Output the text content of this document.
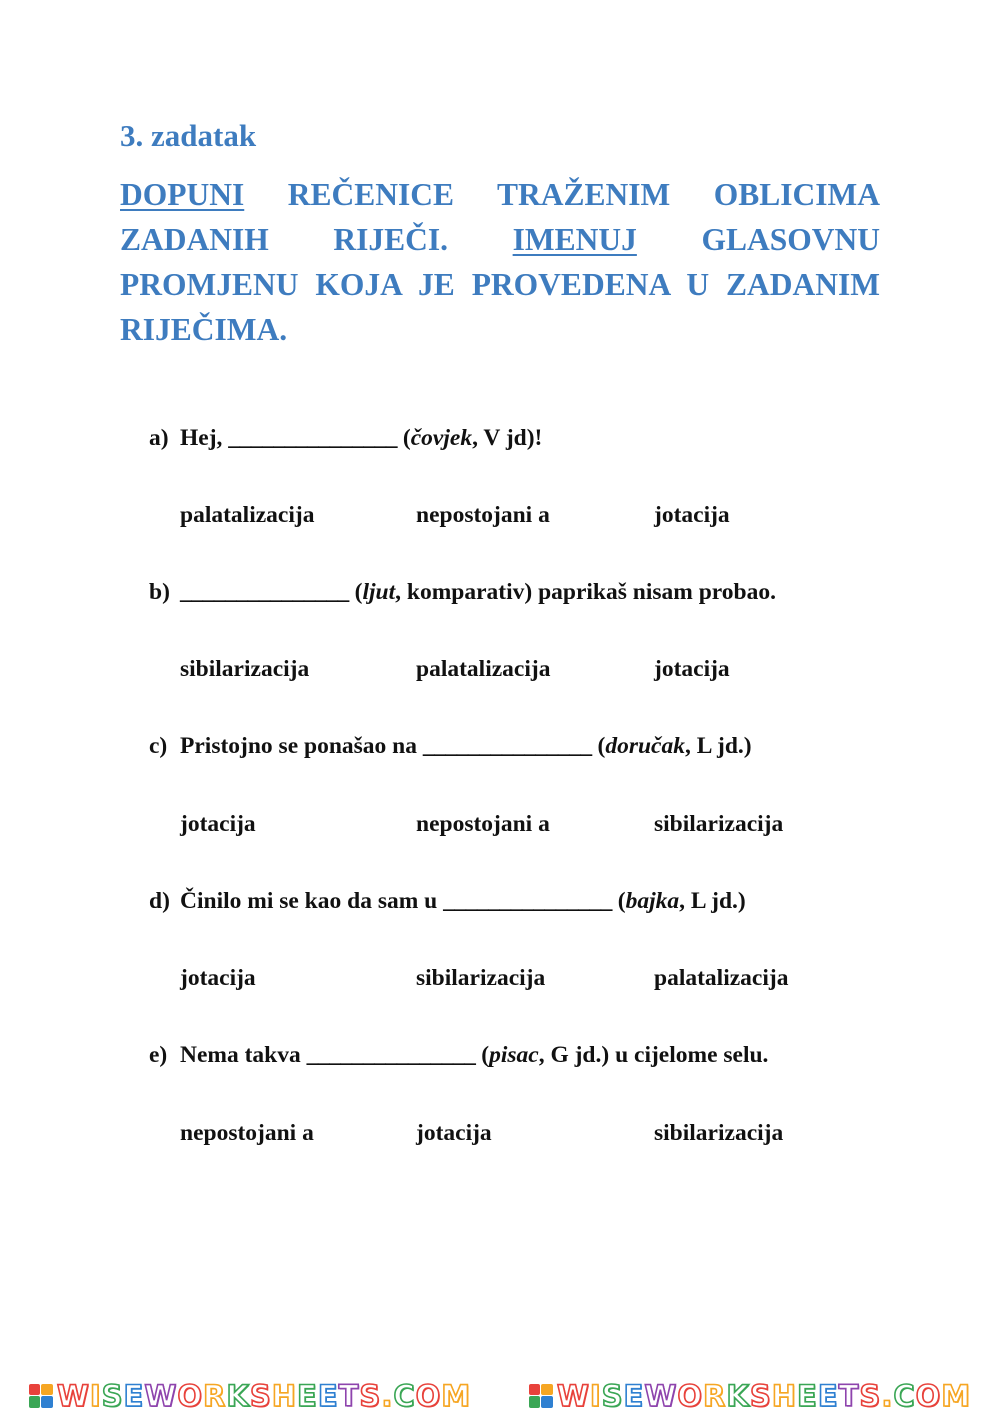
3. zadatak

DOPUNI REČENICE TRAŽENIM OBLICIMA ZADANIH RIJEČI. IMENUJ GLASOVNU PROMJENU KOJA JE PROVEDENA U ZADANIM RIJEČIMA.

a) Hej, _______________ (čovjek, V jd)!
palatalizacija	nepostojani a	jotacija
b) _______________ (ljut, komparativ) paprikaš nisam probao.
sibilarizacija	palatalizacija	jotacija
c) Pristojno se ponašao na _______________ (doručak, L jd.)
jotacija	nepostojani a	sibilarizacija
d) Činilo mi se kao da sam u _______________ (bajka, L jd.)
jotacija	sibilarizacija	palatalizacija
e) Nema takva _______________ (pisac, G jd.) u cijelome selu.
nepostojani a	jotacija	sibilarizacija
WISEWORKSHEETS.COM	WISEWORKSHEETS.COM
